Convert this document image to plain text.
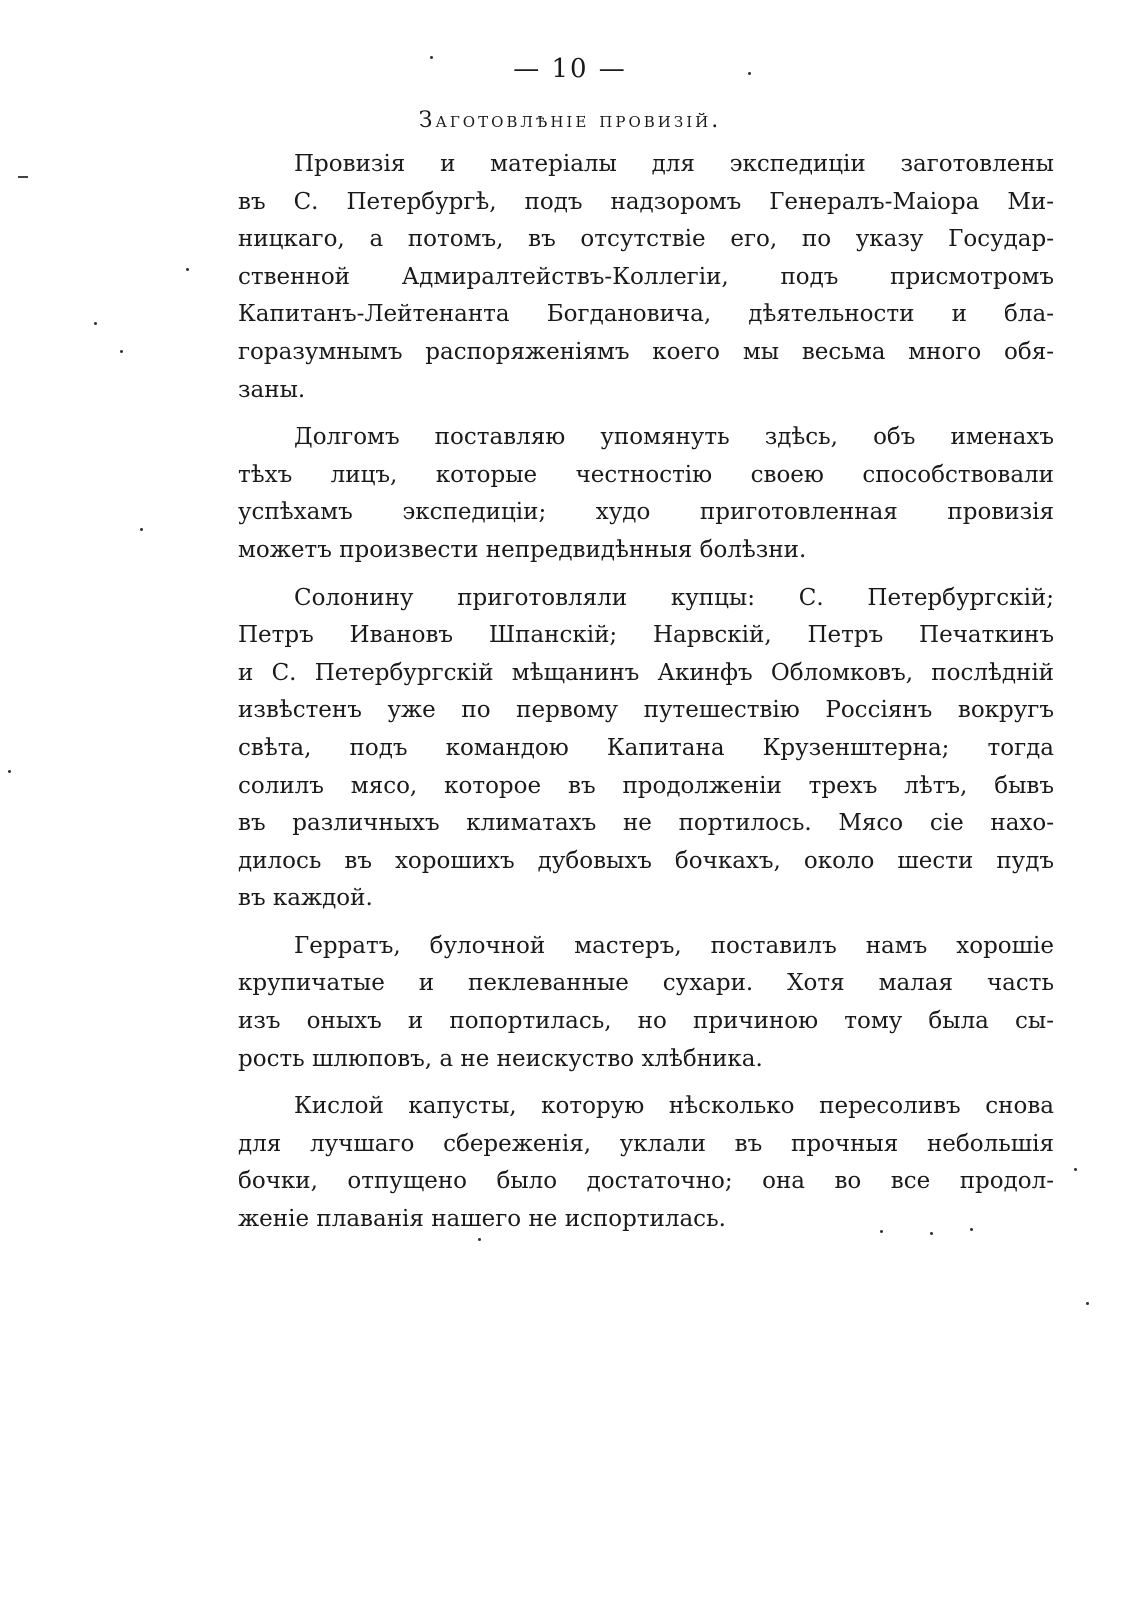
— 10 —
Заготовлѣніе провизій.

Провизія и матеріалы для экспедиціи заготовлены
въ С. Петербургѣ, подъ надзоромъ Генералъ-Маіора Ми-
ницкаго, а потомъ, въ отсутствіе его, по указу Государ-
ственной Адмиралтействъ-Коллегіи, подъ присмотромъ
Капитанъ-Лейтенанта Богдановича, дѣятельности и бла-
горазумнымъ распоряженіямъ коего мы весьма много обя-
заны.

Долгомъ поставляю упомянуть здѣсь, объ именахъ
тѣхъ лицъ, которые честностію своею способствовали
успѣхамъ экспедиціи; худо приготовленная провизія
можетъ произвести непредвидѣнныя болѣзни.

Солонину приготовляли купцы: С. Петербургскій;
Петръ Ивановъ Шпанскій; Нарвскій, Петръ Печаткинъ
и С. Петербургскій мѣщанинъ Акинфъ Обломковъ, послѣдній
извѣстенъ уже по первому путешествію Россіянъ вокругъ
свѣта, подъ командою Капитана Крузенштерна; тогда
солилъ мясо, которое въ продолженіи трехъ лѣтъ, бывъ
въ различныхъ климатахъ не портилось. Мясо сіе нахо-
дилось въ хорошихъ дубовыхъ бочкахъ, около шести пудъ
въ каждой.

Герратъ, булочной мастеръ, поставилъ намъ хорошіе
крупичатые и пеклеванные сухари. Хотя малая часть
изъ оныхъ и попортилась, но причиною тому была сы-
рость шлюповъ, а не неискуство хлѣбника.

Кислой капусты, которую нѣсколько пересоливъ снова
для лучшаго сбереженія, уклали въ прочныя небольшія
бочки, отпущено было достаточно; она во все продол-
женіе плаванія нашего не испортилась.
